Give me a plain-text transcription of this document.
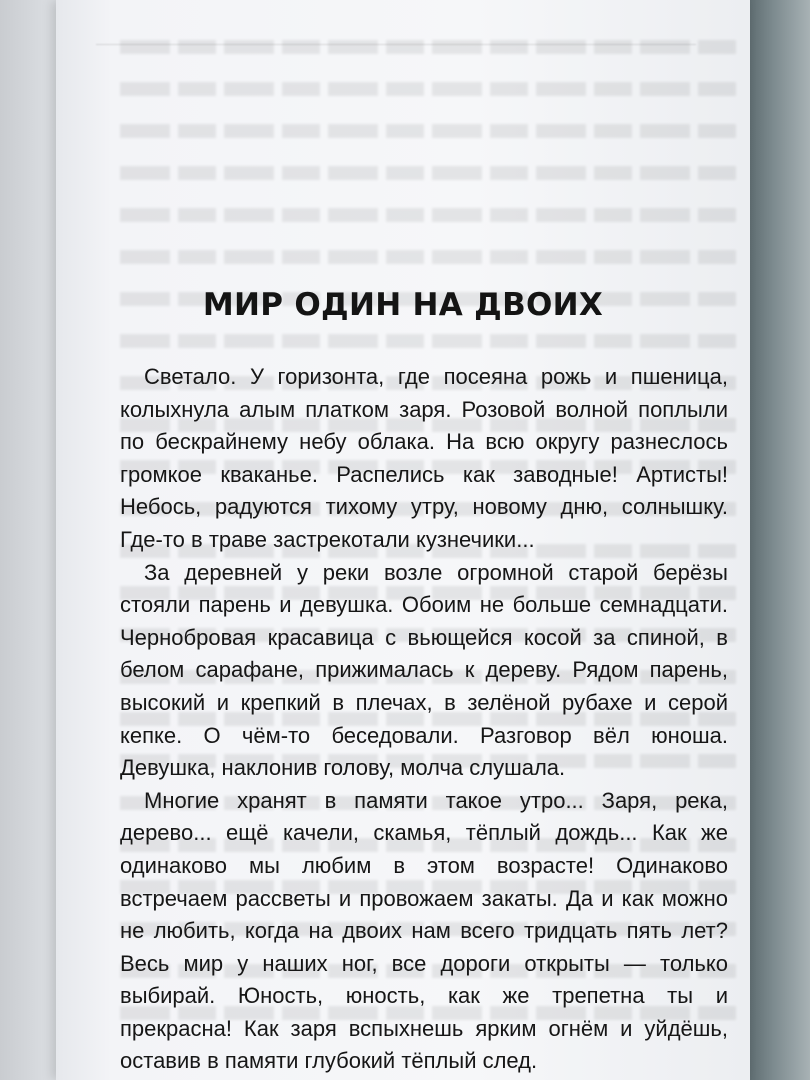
МИР ОДИН НА ДВОИХ

Светало. У горизонта, где посеяна рожь и пшеница, колыхнула алым платком заря. Розовой волной поплыли по бескрайнему небу облака. На всю округу разнеслось громкое кваканье. Распелись как заводные! Артисты! Небось, радуются тихому утру, новому дню, солнышку. Где-то в траве застрекотали кузнечики...

За деревней у реки возле огромной старой берёзы стояли парень и девушка. Обоим не больше семнадцати. Чернобровая красавица с вьющейся косой за спиной, в белом сарафане, прижималась к дереву. Рядом парень, высокий и крепкий в плечах, в зелёной рубахе и серой кепке. О чём-то беседовали. Разговор вёл юноша. Девушка, наклонив голову, молча слушала.

Многие хранят в памяти такое утро... Заря, река, дерево... ещё качели, скамья, тёплый дождь... Как же одинаково мы любим в этом возрасте! Одинаково встречаем рассветы и провожаем закаты. Да и как можно не любить, когда на двоих нам всего тридцать пять лет? Весь мир у наших ног, все дороги открыты — только выбирай. Юность, юность, как же трепетна ты и прекрасна! Как заря вспыхнешь ярким огнём и уйдёшь, оставив в памяти глубокий тёплый след.
